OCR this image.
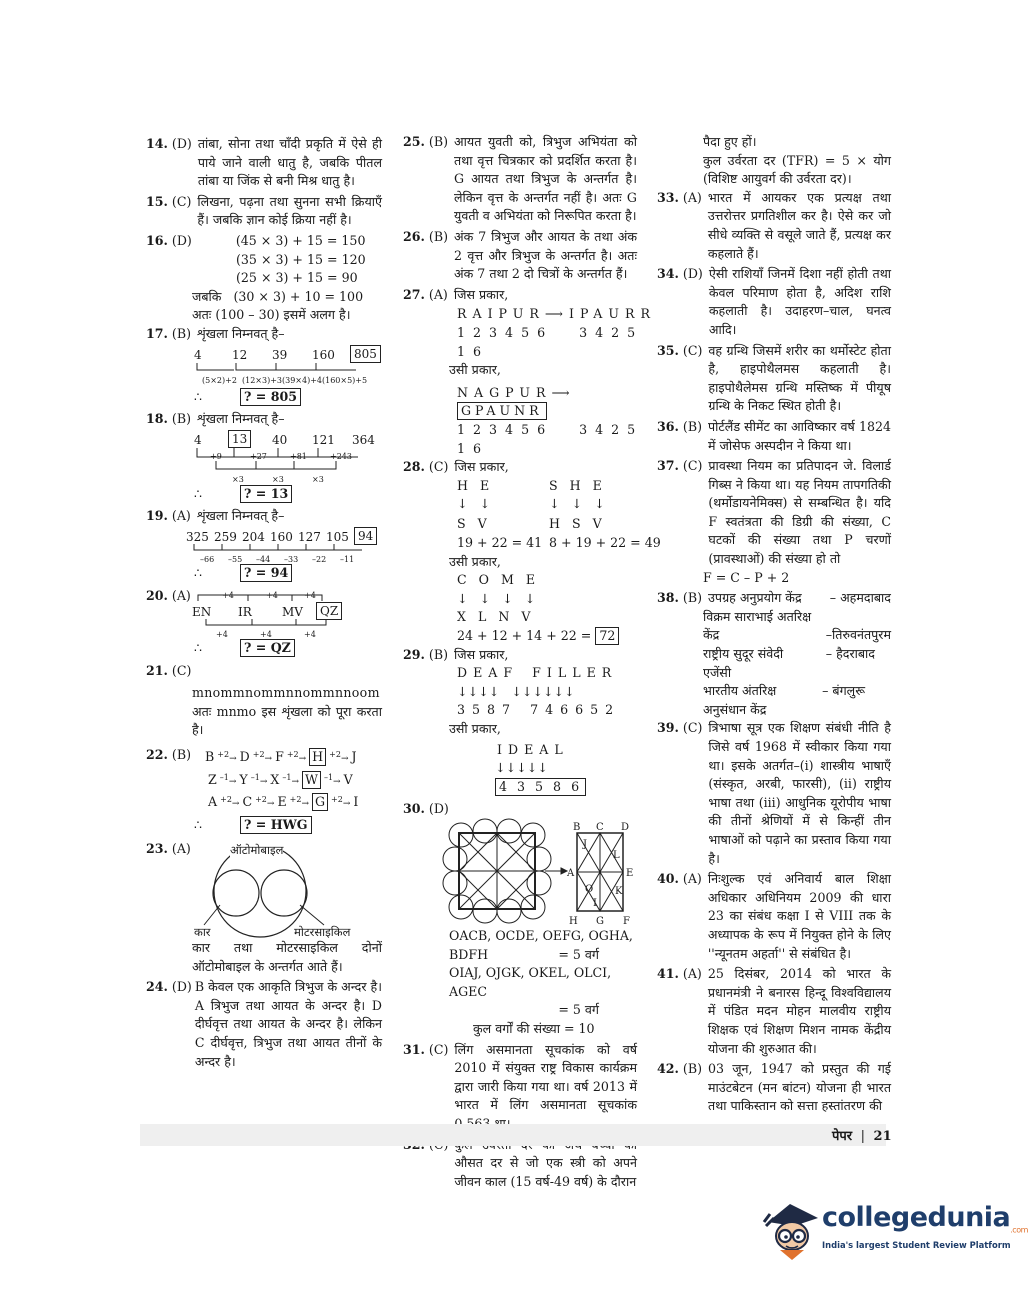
14. (D) तांबा, सोना तथा चाँदी प्रकृति में ऐसे ही पाये जाने वाली धातु है, जबकि पीतल तांबा या जिंक से बनी मिश्र धातु है।
15. (C) लिखना, पढ़ना तथा सुनना सभी क्रियाएँ हैं। जबकि ज्ञान कोई क्रिया नहीं है।
16. (D)	(45 × 3) + 15 = 150
(35 × 3) + 15 = 120
(25 × 3) + 15 = 90
जबकि   (30 × 3) + 10 = 100
अतः (100 – 30) इसमें अलग है।
17. (B) शृंखला निम्नवत् है–
4	12 39 160	805
(5×2)+2 (12×3)+3 (39×4)+4 (160×5)+5
∴	? = 805
18. (B) शृंखला निम्नवत् है–
4	13	40 121 364
+9	+27	+81	+243
×3	×3	×3
∴	? = 13
19. (A) शृंखला निम्नवत् है–
325 259 204 160 127 105 94
–66 –55 –44 –33 –22 –11
∴	? = 94
20. (A)	+4	+4	+4
EN IR	MV	QZ
+4	+4	+4
∴	? = QZ
21. (C)
mnommnommnnommnnoom
अतः mnmo इस शृंखला को पूरा करता है।
22. (B)	B $^{+2}$→ D $^{+2}$→ F $^{+2}$→ H $^{+2}$→ J
Z $^{-1}$→ Y $^{-1}$→ X $^{-1}$→ W $^{-1}$→ V
A $^{+2}$→ C $^{+2}$→ E $^{+2}$→ G $^{+2}$→ I
∴	? = HWG
23. (A)	ऑटोमोबाइल
कार	मोटरसाइकिल
कार तथा मोटरसाइकिल दोनों ऑटोमोबाइल के अन्तर्गत आते हैं।
24. (D) B केवल एक आकृति त्रिभुज के अन्दर है। A त्रिभुज तथा आयत के अन्दर है। D दीर्घवृत्त तथा आयत के अन्दर है। लेकिन C दीर्घवृत्त, त्रिभुज तथा आयत तीनों के अन्दर है।
25. (B) आयत युवती को, त्रिभुज अभियंता को तथा वृत्त चित्रकार को प्रदर्शित करता है। G आयत तथा त्रिभुज के अन्तर्गत है। लेकिन वृत्त के अन्तर्गत नहीं है। अतः G युवती व अभियंता को निरूपित करता है।
26. (B) अंक 7 त्रिभुज और आयत के तथा अंक 2 वृत्त और त्रिभुज के अन्तर्गत है। अतः अंक 7 तथा 2 दो चित्रों के अन्तर्गत हैं।
27. (A) जिस प्रकार,
RAIPUR⟶IPAURR
1 2 3 4 5 6	3 4 2 5 1 6
उसी प्रकार,
NAGPUR⟶GPAUNR
1 2 3 4 5 6	3 4 2 5 1 6
28. (C) जिस प्रकार,
H   E	S   H   E
↓   ↓	↓   ↓   ↓
S   V	H   S   V
19 + 22 = 41 8 + 19 + 22 = 49
उसी प्रकार,
C   O   M   E
↓   ↓   ↓   ↓
X   L   N   V
24 + 12 + 14 + 22 = 72
29. (B) जिस प्रकार,
DEAF FILLER
↓↓↓↓   ↓↓↓↓↓↓
3 5 8 7 7 4 6 6 5 2
उसी प्रकार,
IDEAL
↓↓↓↓↓
4 3 5 8 6
30. (D)
B C D
J
L
E
A
O K
H G F
I
OACB, OCDE, OEFG, OGHA,
BDFH	= 5 वर्ग
OIAJ, OJGK, OKEL, OLCI, AGEC
= 5 वर्ग
कुल वर्गों की संख्या = 10
31. (C) लिंग असमानता सूचकांक को वर्ष 2010 में संयुक्त राष्ट्र विकास कार्यक्रम द्वारा जारी किया गया था। वर्ष 2013 में भारत में लिंग असमानता सूचकांक
औसत दर से जो एक स्त्री को अपने जीवन काल (15 वर्ष-49 वर्ष) के दौरान
पैदा हुए हों।
कुल उर्वरता दर (TFR) = 5 × योग (विशिष्ट आयुवर्ग की उर्वरता दर)।
33. (A) भारत में आयकर एक प्रत्यक्ष तथा उत्तरोत्तर प्रगतिशील कर है। ऐसे कर जो सीधे व्यक्ति से वसूले जाते हैं, प्रत्यक्ष कर कहलाते हैं।
34. (D) ऐसी राशियाँ जिनमें दिशा नहीं होती तथा केवल परिमाण होता है, अदिश राशि कहलाती है। उदाहरण–चाल, घनत्व आदि।
35. (C) वह ग्रन्थि जिसमें शरीर का थर्मोस्टेट होता है, हाइपोथैलमस कहलाती है। हाइपोथैलेमस ग्रन्थि मस्तिष्क में पीयूष ग्रन्थि के निकट स्थित होती है।
36. (B) पोर्टलैंड सीमेंट का आविष्कार वर्ष 1824 में जोसेफ अस्पदीन ने किया था।
37. (C) प्रावस्था नियम का प्रतिपादन जे. विलार्ड गिब्स ने किया था। यह नियम तापगतिकी (थर्मोडायनेमिक्स) से सम्बन्धित है। यदि F स्वतंत्रता की डिग्री की संख्या, C घटकों की संख्या तथा P चरणों (प्रावस्थाओं) की संख्या हो तो
F = C – P + 2
38. (B) उपग्रह अनुप्रयोग केंद्र – अहमदाबाद
विक्रम साराभाई अतरिक्ष
केंद्र	–तिरुवनंतपुरम
राष्ट्रीय सुदूर संवेदी	– हैदराबाद
एजेंसी
भारतीय अंतरिक्ष	– बंगलुरू
अनुसंधान केंद्र
39. (C) त्रिभाषा सूत्र एक शिक्षण संबंधी नीति है जिसे वर्ष 1968 में स्वीकार किया गया था। इसके अतर्गत–(i) शास्त्रीय भाषाएँ (संस्कृत, अरबी, फारसी), (ii) राष्ट्रीय भाषा तथा (iii) आधुनिक यूरोपीय भाषा की तीनों श्रेणियों में से किन्हीं तीन भाषाओं को पढ़ाने का प्रस्ताव किया गया है।
40. (A) निःशुल्क एवं अनिवार्य बाल शिक्षा अधिकार अधिनियम 2009 की धारा 23 का संबंध कक्षा I से VIII तक के अध्यापक के रूप में नियुक्त होने के लिए ''न्यूनतम अहर्ता'' से संबंधित है।
41. (A) 25 दिसंबर, 2014 को भारत के प्रधानमंत्री ने बनारस हिन्दू विश्वविद्यालय में पंडित मदन मोहन मालवीय राष्ट्रीय शिक्षक एवं शिक्षण मिशन नामक केंद्रीय योजना की शुरुआत की।
42. (B) 03 जून, 1947 को प्रस्तुत की गई माउंटबेटन (मन बांटन) योजना ही भारत तथा पाकिस्तान को सत्ता हस्तांतरण की
पेपर | 21
collegedunia$_{.com}$
India's largest Student Review Platform
